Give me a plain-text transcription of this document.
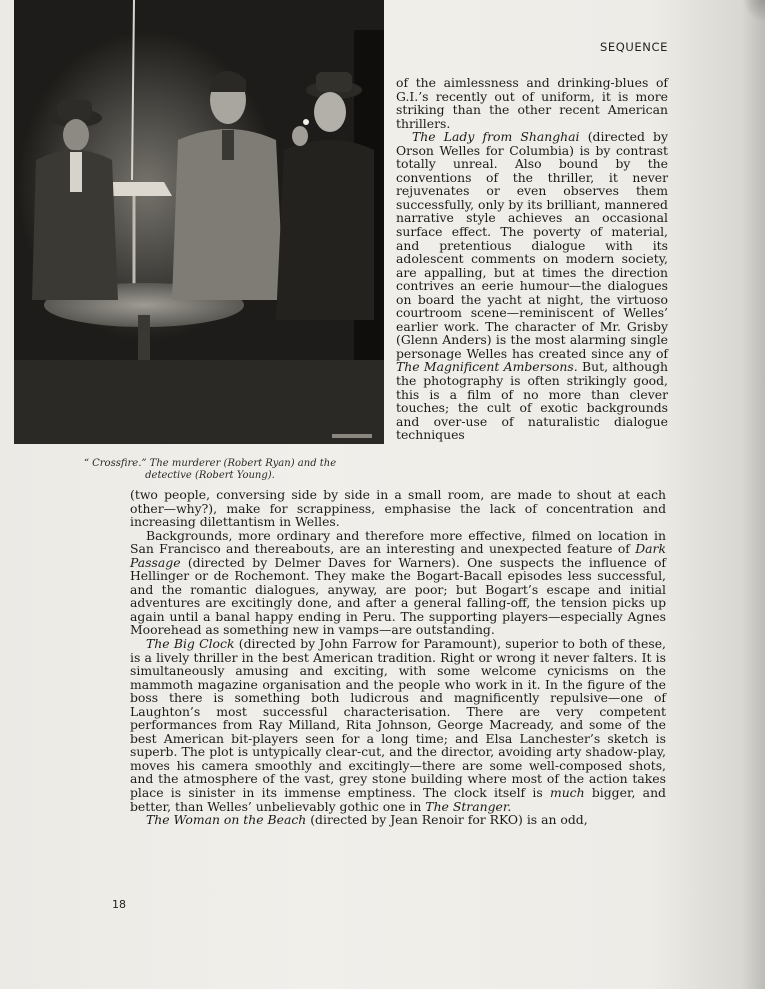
SEQUENCE
“ Crossfire.” The murderer (Robert Ryan) and the
detective (Robert Young).

of the aimlessness and drinking-blues of G.I.’s recently out of uniform, it is more striking than the other recent American thrillers.

The Lady from Shanghai (directed by Orson Welles for Columbia) is by contrast totally unreal. Also bound by the conventions of the thriller, it never rejuvenates or even observes them successfully, only by its brilliant, mannered narrative style achieves an occasional surface effect. The poverty of material, and pretentious dialogue with its adolescent comments on modern society, are appalling, but at times the direction contrives an eerie humour—the dialogues on board the yacht at night, the virtuoso courtroom scene—reminiscent of Welles’ earlier work. The character of Mr. Grisby (Glenn Anders) is the most alarming single personage Welles has created since any of The Magnificent Ambersons. But, although the photography is often strikingly good, this is a film of no more than clever touches; the cult of exotic backgrounds and over-use of naturalistic dialogue techniques

(two people, conversing side by side in a small room, are made to shout at each other—why?), make for scrappiness, emphasise the lack of concentration and increasing dilettantism in Welles.

Backgrounds, more ordinary and therefore more effective, filmed on location in San Francisco and thereabouts, are an interesting and unexpected feature of Dark Passage (directed by Delmer Daves for Warners). One suspects the influence of Hellinger or de Rochemont. They make the Bogart-Bacall episodes less successful, and the romantic dialogues, anyway, are poor; but Bogart’s escape and initial adventures are excitingly done, and after a general falling-off, the tension picks up again until a banal happy ending in Peru. The supporting players—especially Agnes Moorehead as something new in vamps—are outstanding.

The Big Clock (directed by John Farrow for Paramount), superior to both of these, is a lively thriller in the best American tradition. Right or wrong it never falters. It is simultaneously amusing and exciting, with some welcome cynicisms on the mammoth magazine organisation and the people who work in it. In the figure of the boss there is something both ludicrous and magnificently repulsive—one of Laughton’s most successful characterisation. There are very competent performances from Ray Milland, Rita Johnson, George Macready, and some of the best American bit-players seen for a long time; and Elsa Lanchester’s sketch is superb. The plot is untypically clear-cut, and the director, avoiding arty shadow-play, moves his camera smoothly and excitingly—there are some well-composed shots, and the atmosphere of the vast, grey stone building where most of the action takes place is sinister in its immense emptiness. The clock itself is much bigger, and better, than Welles’ unbelievably gothic one in The Stranger.

The Woman on the Beach (directed by Jean Renoir for RKO) is an odd,

18
